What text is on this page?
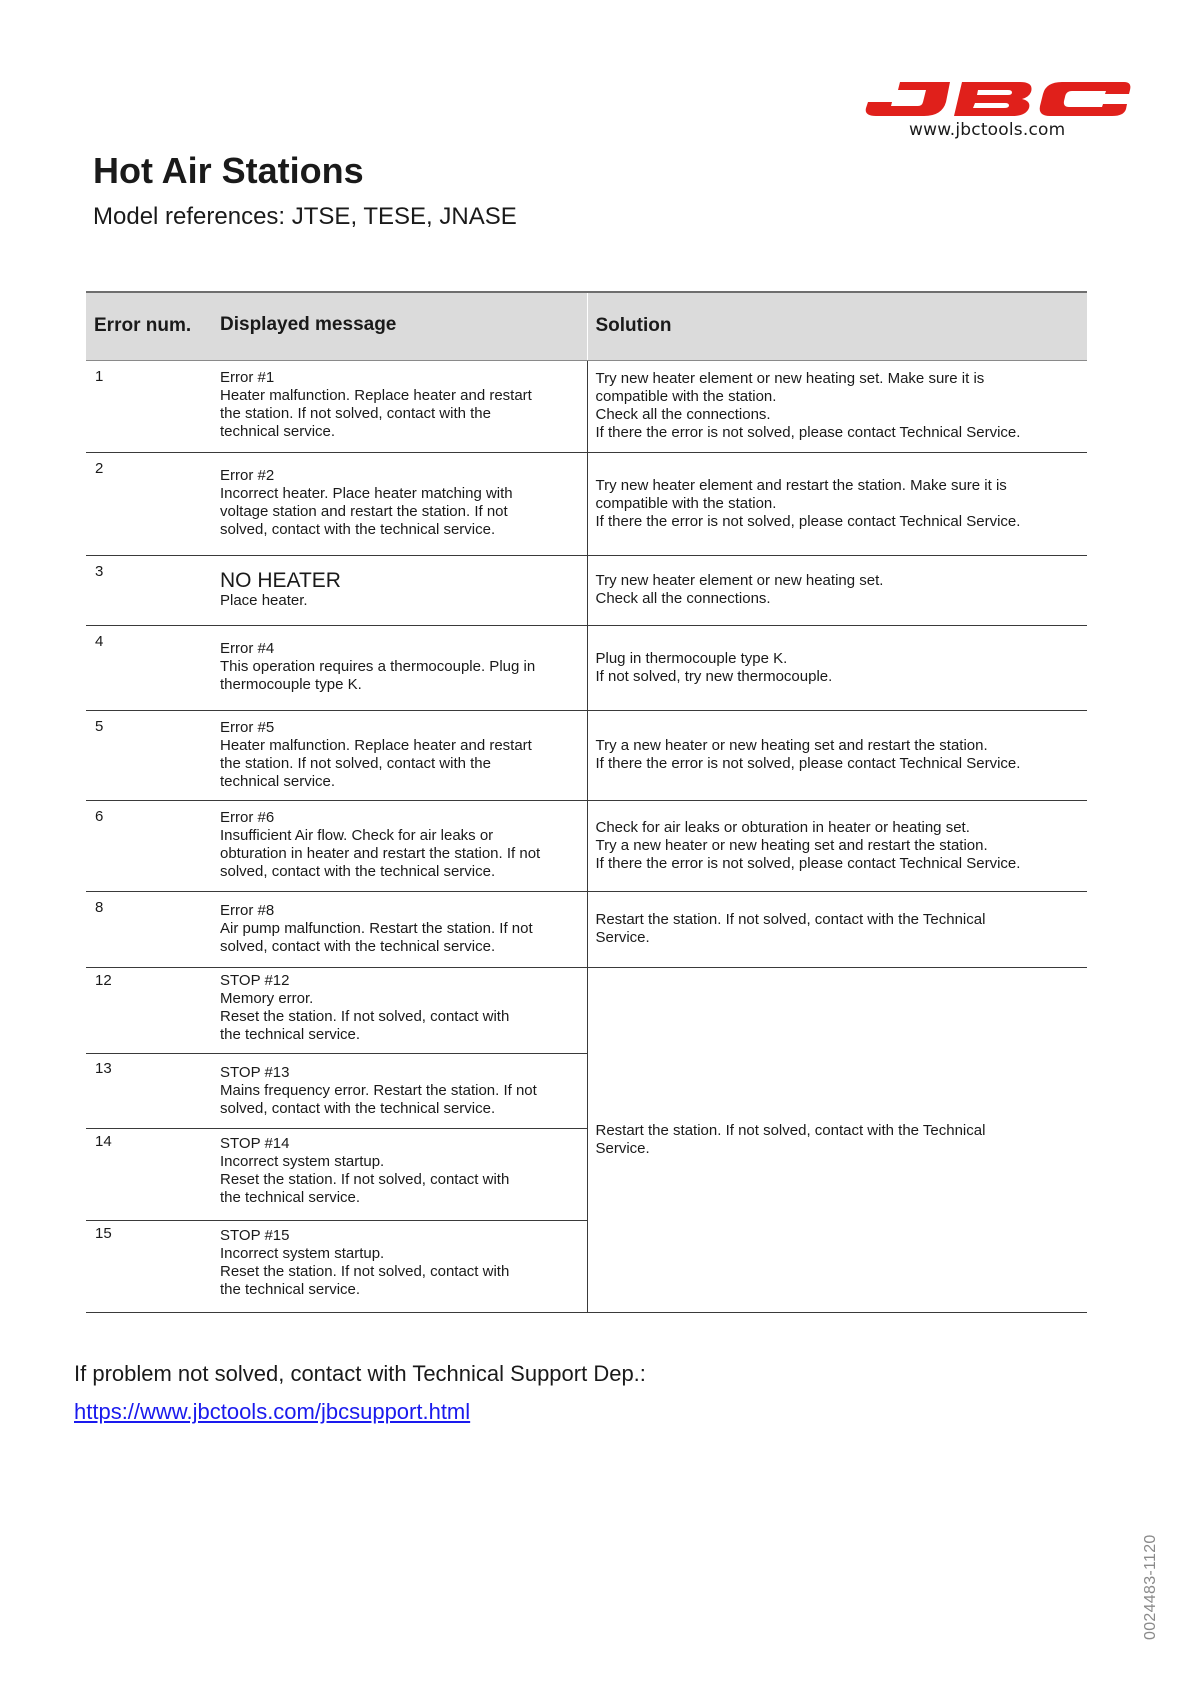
www.jbctools.com
Hot Air Stations
Model references: JTSE, TESE, JNASE
Error num.	Displayed message	Solution
1	Error #1
Heater malfunction. Replace heater and restart
the station. If not solved, contact with the
technical service.	Try new heater element or new heating set. Make sure it is
compatible with the station.
Check all the connections.
If there the error is not solved, please contact Technical Service.

2	Error #2
Incorrect heater. Place heater matching with
voltage station and restart the station. If not
solved, contact with the technical service.	Try new heater element and restart the station. Make sure it is
compatible with the station.
If there the error is not solved, please contact Technical Service.

3	NO HEATER
Place heater.	Try new heater element or new heating set.
Check all the connections.

4	Error #4
This operation requires a thermocouple. Plug in
thermocouple type K.	Plug in thermocouple type K.
If not solved, try new thermocouple.

5	Error #5
Heater malfunction. Replace heater and restart
the station. If not solved, contact with the
technical service.	Try a new heater or new heating set and restart the station.
If there the error is not solved, please contact Technical Service.

6	Error #6
Insufficient Air flow. Check for air leaks or
obturation in heater and restart the station. If not
solved, contact with the technical service.	Check for air leaks or obturation in heater or heating set.
Try a new heater or new heating set and restart the station.
If there the error is not solved, please contact Technical Service.

8	Error #8
Air pump malfunction. Restart the station. If not
solved, contact with the technical service.	Restart the station. If not solved, contact with the Technical
Service.

12	STOP #12
Memory error.
Reset the station. If not solved, contact with
the technical service.	Restart the station. If not solved, contact with the Technical
Service.

13	STOP #13
Mains frequency error. Restart the station. If not
solved, contact with the technical service.	

14	STOP #14
Incorrect system startup.
Reset the station. If not solved, contact with
the technical service.	

15	STOP #15
Incorrect system startup.
Reset the station. If not solved, contact with
the technical service.	
If problem not solved, contact with Technical Support Dep.:
https://www.jbctools.com/jbcsupport.html
0024483-1120
